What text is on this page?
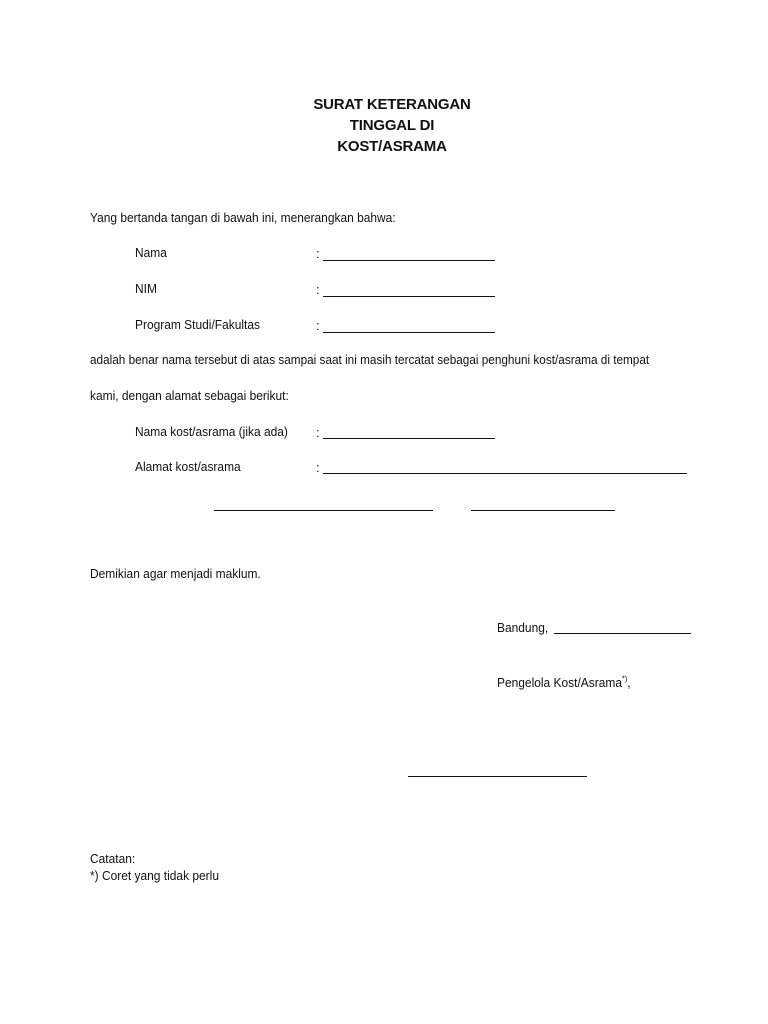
SURAT KETERANGAN
TINGGAL DI
KOST/ASRAMA
Yang bertanda tangan di bawah ini, menerangkan bahwa:
Nama	:
NIM	:
Program Studi/Fakultas	:
adalah benar nama tersebut di atas sampai saat ini masih tercatat sebagai penghuni kost/asrama di tempat
kami, dengan alamat sebagai berikut:
Nama kost/asrama (jika ada) :
Alamat kost/asrama	:
Demikian agar menjadi maklum.
Bandung,
Pengelola Kost/Asrama*),
Catatan:
*) Coret yang tidak perlu
